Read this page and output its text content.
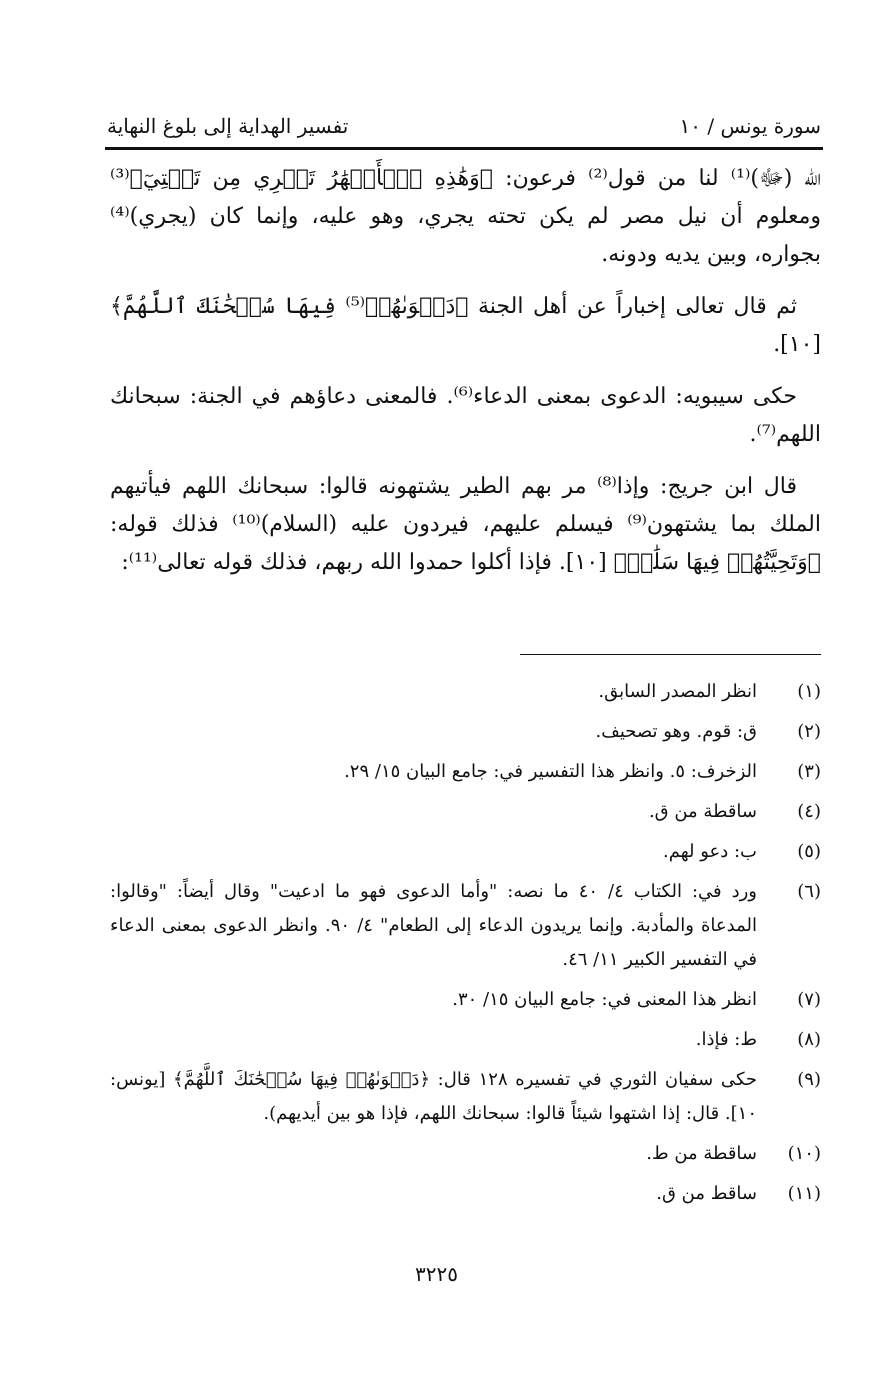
تفسير الهداية إلى بلوغ النهاية	سورة يونس / ١٠

الله (ﷻ)⁽¹⁾ لنا من قول⁽²⁾ فرعون: ﴿وَهَٰذِهِ ٱلۡأَنۡهَٰرُ تَجۡرِي مِن تَحۡتِيٓ﴾⁽³⁾ ومعلوم أن نيل مصر لم يكن تحته يجري، وهو عليه، وإنما كان (يجري)⁽⁴⁾ بجواره، وبين يديه ودونه.

ثم قال تعالى إخباراً عن أهل الجنة ﴿دَعۡوَىٰهُمۡ⁽⁵⁾ فِيهَا سُبۡحَٰنَكَ ٱللَّهُمَّ﴾ [١٠].

حكى سيبويه: الدعوى بمعنى الدعاء⁽⁶⁾. فالمعنى دعاؤهم في الجنة: سبحانك اللهم⁽⁷⁾.

قال ابن جريج: وإذا⁽⁸⁾ مر بهم الطير يشتهونه قالوا: سبحانك اللهم فيأتيهم الملك بما يشتهون⁽⁹⁾ فيسلم عليهم، فيردون عليه (السلام)⁽¹⁰⁾ فذلك قوله: ﴿وَتَحِيَّتُهُمۡ فِيهَا سَلَٰمٞ﴾ [١٠]. فإذا أكلوا حمدوا الله ربهم، فذلك قوله تعالى⁽¹¹⁾:

(١)
انظر المصدر السابق.
(٢)
ق: قوم. وهو تصحيف.
(٣)
الزخرف: ٥. وانظر هذا التفسير في: جامع البيان ١٥/ ٢٩.
(٤)
ساقطة من ق.
(٥)
ب: دعو لهم.
(٦)
ورد في: الكتاب ٤/ ٤٠ ما نصه: "وأما الدعوى فهو ما ادعيت" وقال أيضاً: "وقالوا: المدعاة والمأدبة. وإنما يريدون الدعاء إلى الطعام" ٤/ ٩٠. وانظر الدعوى بمعنى الدعاء في التفسير الكبير ١١/ ٤٦.
(٧)
انظر هذا المعنى في: جامع البيان ١٥/ ٣٠.
(٨)
ط: فإذا.
(٩)
حكى سفيان الثوري في تفسيره ١٢٨ قال: ﴿دَعۡوَىٰهُمۡ فِيهَا سُبۡحَٰنَكَ ٱللَّهُمَّ﴾ [يونس: ١٠]. قال: إذا اشتهوا شيئاً قالوا: سبحانك اللهم، فإذا هو بين أيديهم).
(١٠)
ساقطة من ط.
(١١)
ساقط من ق.
٣٢٢٥
